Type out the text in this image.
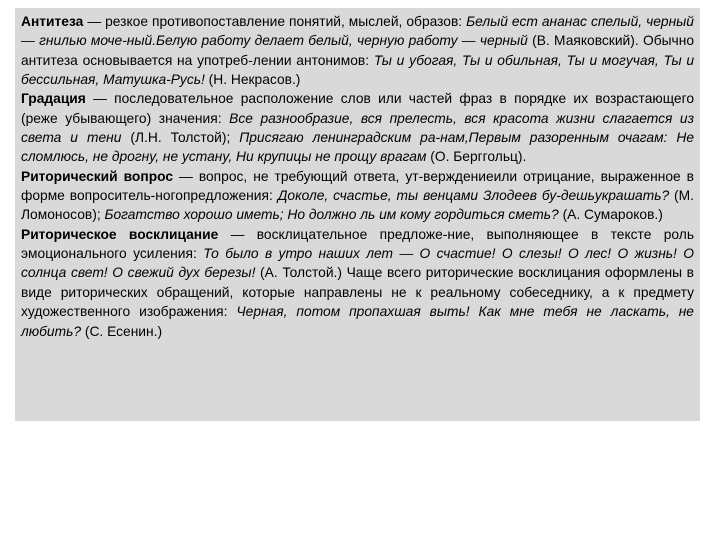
Антитеза — резкое противопоставление понятий, мыслей, образов: Белый ест ананас спелый, черный — гнилью моче-ный.Белую работу делает белый, черную работу — черный (В. Маяковский). Обычно антитеза основывается на употреб-лении антонимов: Ты и убогая, Ты и обильная, Ты и могучая, Ты и бессильная, Матушка-Русь! (Н. Некрасов.)

Градация — последовательное расположение слов или частей фраз в порядке их возрастающего (реже убывающего) значения: Все разнообразие, вся прелесть, вся красота жизни слагается из света и тени (Л.Н. Толстой); Присягаю ленинградским ра-нам,Первым разоренным очагам: Не сломлюсь, не дрогну, не устану, Ни крупицы не прощу врагам (О. Берггольц).

Риторический вопрос — вопрос, не требующий ответа, ут-верждениеили отрицание, выраженное в форме вопроситель-ногопредложения: Доколе, счастье, ты венцами Злодеев бу-дешьукрашать? (М. Ломоносов); Богатство хорошо иметь; Но должно ль им кому гордиться сметь? (А. Сумароков.)

Риторическое восклицание — восклицательное предложе-ние, выполняющее в тексте роль эмоционального усиления: То было в утро наших лет — О счастие! О слезы! О лес! О жизнь! О солнца свет! О свежий дух березы! (А. Толстой.) Чаще всего риторические восклицания оформлены в виде риторических обращений, которые направлены не к реальному собеседнику, а к предмету художественного изображения: Черная, потом пропахшая выть! Как мне тебя не ласкать, не любить? (С. Есенин.)
